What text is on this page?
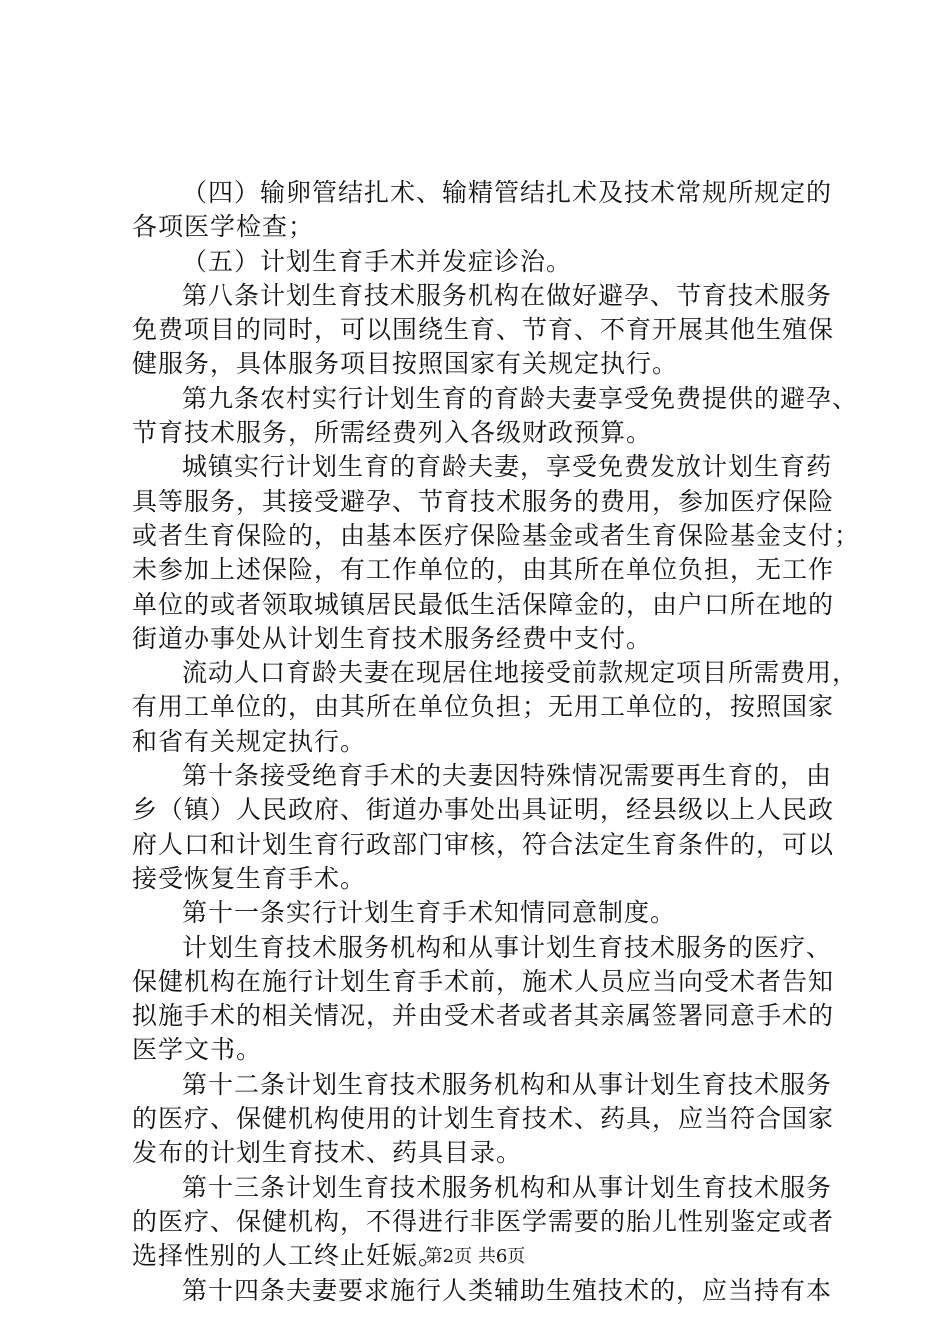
（四）输卵管结扎术、输精管结扎术及技术常规所规定的
各项医学检查；
（五）计划生育手术并发症诊治。
第八条计划生育技术服务机构在做好避孕、节育技术服务
免费项目的同时，可以围绕生育、节育、不育开展其他生殖保
健服务，具体服务项目按照国家有关规定执行。
第九条农村实行计划生育的育龄夫妻享受免费提供的避孕、
节育技术服务，所需经费列入各级财政预算。
城镇实行计划生育的育龄夫妻，享受免费发放计划生育药
具等服务，其接受避孕、节育技术服务的费用，参加医疗保险
或者生育保险的，由基本医疗保险基金或者生育保险基金支付；
未参加上述保险，有工作单位的，由其所在单位负担，无工作
单位的或者领取城镇居民最低生活保障金的，由户口所在地的
街道办事处从计划生育技术服务经费中支付。
流动人口育龄夫妻在现居住地接受前款规定项目所需费用，
有用工单位的，由其所在单位负担；无用工单位的，按照国家
和省有关规定执行。
第十条接受绝育手术的夫妻因特殊情况需要再生育的，由
乡（镇）人民政府、街道办事处出具证明，经县级以上人民政
府人口和计划生育行政部门审核，符合法定生育条件的，可以
接受恢复生育手术。
第十一条实行计划生育手术知情同意制度。
计划生育技术服务机构和从事计划生育技术服务的医疗、
保健机构在施行计划生育手术前，施术人员应当向受术者告知
拟施手术的相关情况，并由受术者或者其亲属签署同意手术的
医学文书。
第十二条计划生育技术服务机构和从事计划生育技术服务
的医疗、保健机构使用的计划生育技术、药具，应当符合国家
发布的计划生育技术、药具目录。
第十三条计划生育技术服务机构和从事计划生育技术服务
的医疗、保健机构，不得进行非医学需要的胎儿性别鉴定或者
选择性别的人工终止妊娠。
第十四条夫妻要求施行人类辅助生殖技术的，应当持有本
第2页 共6页
